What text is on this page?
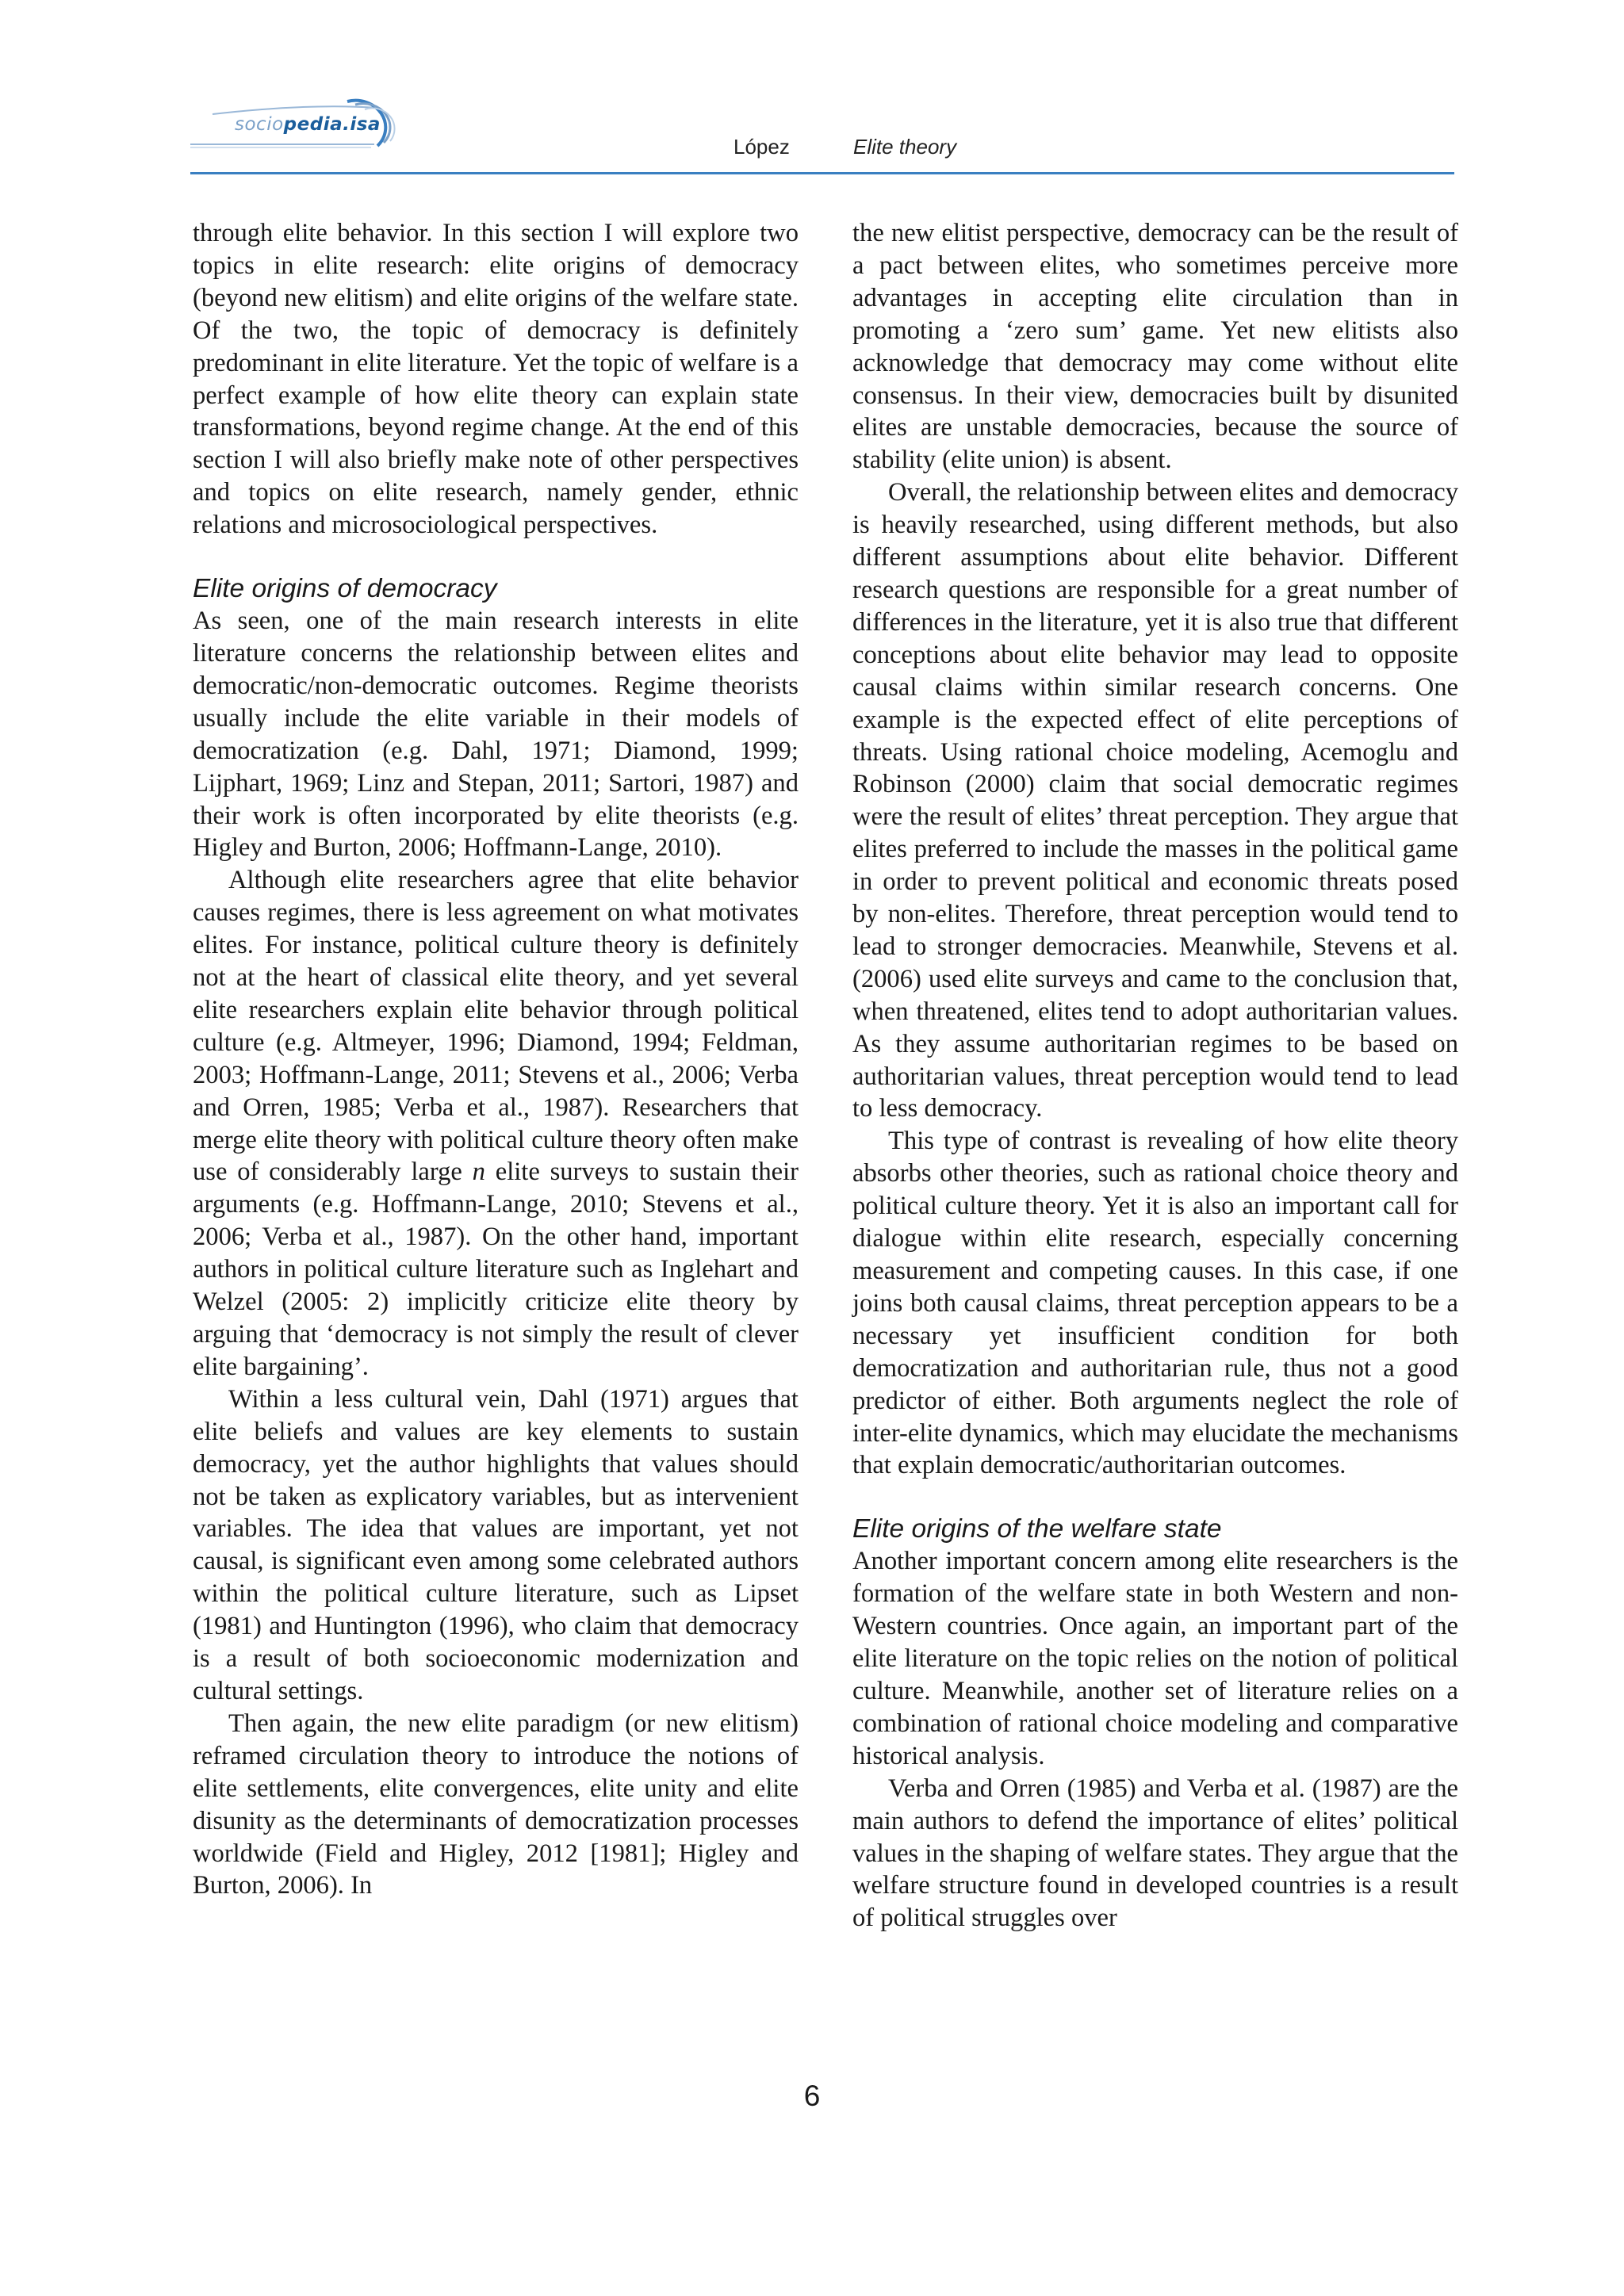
sociopedia.isa
López	Elite theory

through elite behavior. In this section I will explore two topics in elite research: elite origins of democracy (beyond new elitism) and elite origins of the welfare state. Of the two, the topic of democracy is definitely predominant in elite literature. Yet the topic of welfare is a perfect example of how elite theory can explain state transformations, beyond regime change. At the end of this section I will also briefly make note of other perspectives and topics on elite research, namely gender, ethnic relations and microsociological perspectives.

Elite origins of democracy

As seen, one of the main research interests in elite literature concerns the relationship between elites and democratic/non-democratic outcomes. Regime theorists usually include the elite variable in their models of democratization (e.g. Dahl, 1971; Diamond, 1999; Lijphart, 1969; Linz and Stepan, 2011; Sartori, 1987) and their work is often incorporated by elite theorists (e.g. Higley and Burton, 2006; Hoffmann-Lange, 2010).

Although elite researchers agree that elite behavior causes regimes, there is less agreement on what motivates elites. For instance, political culture theory is definitely not at the heart of classical elite theory, and yet several elite researchers explain elite behavior through political culture (e.g. Altmeyer, 1996; Diamond, 1994; Feldman, 2003; Hoffmann-Lange, 2011; Stevens et al., 2006; Verba and Orren, 1985; Verba et al., 1987). Researchers that merge elite theory with political culture theory often make use of considerably large n elite surveys to sustain their arguments (e.g. Hoffmann-Lange, 2010; Stevens et al., 2006; Verba et al., 1987). On the other hand, important authors in political culture literature such as Inglehart and Welzel (2005: 2) implicitly criticize elite theory by arguing that ‘democracy is not simply the result of clever elite bargaining’.

Within a less cultural vein, Dahl (1971) argues that elite beliefs and values are key elements to sustain democracy, yet the author highlights that values should not be taken as explicatory variables, but as intervenient variables. The idea that values are important, yet not causal, is significant even among some celebrated authors within the political culture literature, such as Lipset (1981) and Huntington (1996), who claim that democracy is a result of both socioeconomic modernization and cultural settings.

Then again, the new elite paradigm (or new elitism) reframed circulation theory to introduce the notions of elite settlements, elite convergences, elite unity and elite disunity as the determinants of democratization processes worldwide (Field and Higley, 2012 [1981]; Higley and Burton, 2006). In

the new elitist perspective, democracy can be the result of a pact between elites, who sometimes perceive more advantages in accepting elite circulation than in promoting a ‘zero sum’ game. Yet new elitists also acknowledge that democracy may come without elite consensus. In their view, democracies built by disunited elites are unstable democracies, because the source of stability (elite union) is absent.

Overall, the relationship between elites and democracy is heavily researched, using different methods, but also different assumptions about elite behavior. Different research questions are responsible for a great number of differences in the literature, yet it is also true that different conceptions about elite behavior may lead to opposite causal claims within similar research concerns. One example is the expected effect of elite perceptions of threats. Using rational choice modeling, Acemoglu and Robinson (2000) claim that social democratic regimes were the result of elites’ threat perception. They argue that elites preferred to include the masses in the political game in order to prevent political and economic threats posed by non-elites. Therefore, threat perception would tend to lead to stronger democracies. Meanwhile, Stevens et al. (2006) used elite surveys and came to the conclusion that, when threatened, elites tend to adopt authoritarian values. As they assume authoritarian regimes to be based on authoritarian values, threat perception would tend to lead to less democracy.

This type of contrast is revealing of how elite theory absorbs other theories, such as rational choice theory and political culture theory. Yet it is also an important call for dialogue within elite research, especially concerning measurement and competing causes. In this case, if one joins both causal claims, threat perception appears to be a necessary yet insufficient condition for both democratization and authoritarian rule, thus not a good predictor of either. Both arguments neglect the role of inter-elite dynamics, which may elucidate the mechanisms that explain democratic/authoritarian outcomes.

Elite origins of the welfare state

Another important concern among elite researchers is the formation of the welfare state in both Western and non-Western countries. Once again, an important part of the elite literature on the topic relies on the notion of political culture. Meanwhile, another set of literature relies on a combination of rational choice modeling and comparative historical analysis.

Verba and Orren (1985) and Verba et al. (1987) are the main authors to defend the importance of elites’ political values in the shaping of welfare states. They argue that the welfare structure found in developed countries is a result of political struggles over

6
